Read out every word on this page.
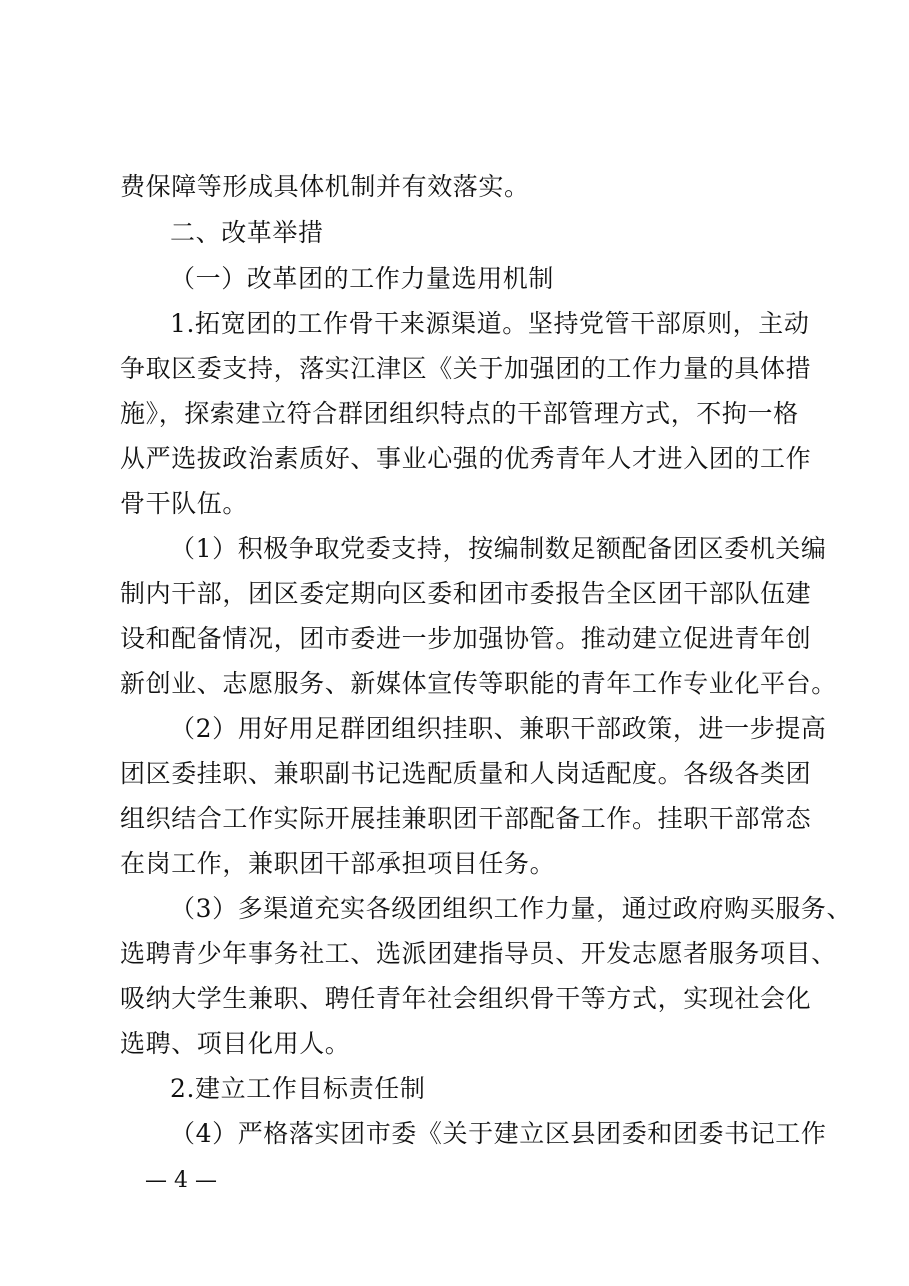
费保障等形成具体机制并有效落实。
二、改革举措
（一）改革团的工作力量选用机制
1.拓宽团的工作骨干来源渠道。坚持党管干部原则，主动
争取区委支持，落实江津区《关于加强团的工作力量的具体措
施》，探索建立符合群团组织特点的干部管理方式，不拘一格
从严选拔政治素质好、事业心强的优秀青年人才进入团的工作
骨干队伍。
（1）积极争取党委支持，按编制数足额配备团区委机关编
制内干部，团区委定期向区委和团市委报告全区团干部队伍建
设和配备情况，团市委进一步加强协管。推动建立促进青年创
新创业、志愿服务、新媒体宣传等职能的青年工作专业化平台。
（2）用好用足群团组织挂职、兼职干部政策，进一步提高
团区委挂职、兼职副书记选配质量和人岗适配度。各级各类团
组织结合工作实际开展挂兼职团干部配备工作。挂职干部常态
在岗工作，兼职团干部承担项目任务。
（3）多渠道充实各级团组织工作力量，通过政府购买服务、
选聘青少年事务社工、选派团建指导员、开发志愿者服务项目、
吸纳大学生兼职、聘任青年社会组织骨干等方式，实现社会化
选聘、项目化用人。
2.建立工作目标责任制
（4）严格落实团市委《关于建立区县团委和团委书记工作
— 4 —
